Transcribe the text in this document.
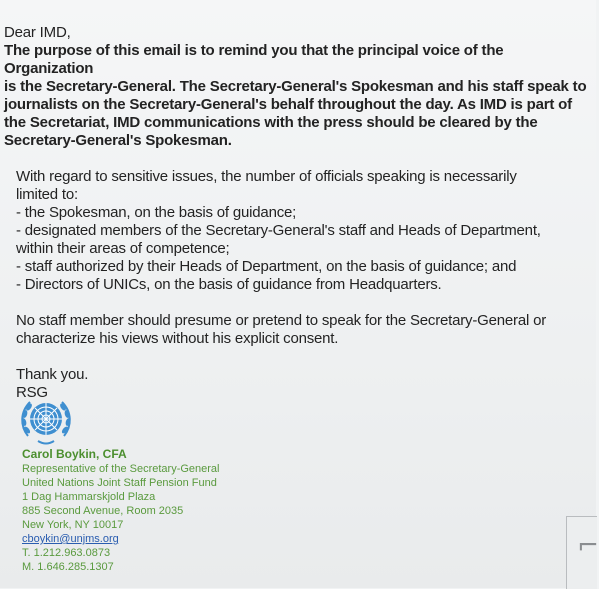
Dear IMD,

The purpose of this email is to remind you that the principal voice of the Organization

is the Secretary-General. The Secretary-General's Spokesman and his staff speak to

journalists on the Secretary-General's behalf throughout the day. As IMD is part of

the Secretariat, IMD communications with the press should be cleared by the

Secretary-General's Spokesman.

With regard to sensitive issues, the number of officials speaking is necessarily

limited to:

- the Spokesman, on the basis of guidance;

- designated members of the Secretary-General's staff and Heads of Department,

within their areas of competence;

- staff authorized by their Heads of Department, on the basis of guidance; and

- Directors of UNICs, on the basis of guidance from Headquarters.

No staff member should presume or pretend to speak for the Secretary-General or

characterize his views without his explicit consent.

Thank you.

RSG

Carol Boykin, CFA
Representative of the Secretary-General
United Nations Joint Staff Pension Fund
1 Dag Hammarskjold Plaza
885 Second Avenue, Room 2035
New York, NY 10017
cboykin@unjms.org
T. 1.212.963.0873
M. 1.646.285.1307
⌐
